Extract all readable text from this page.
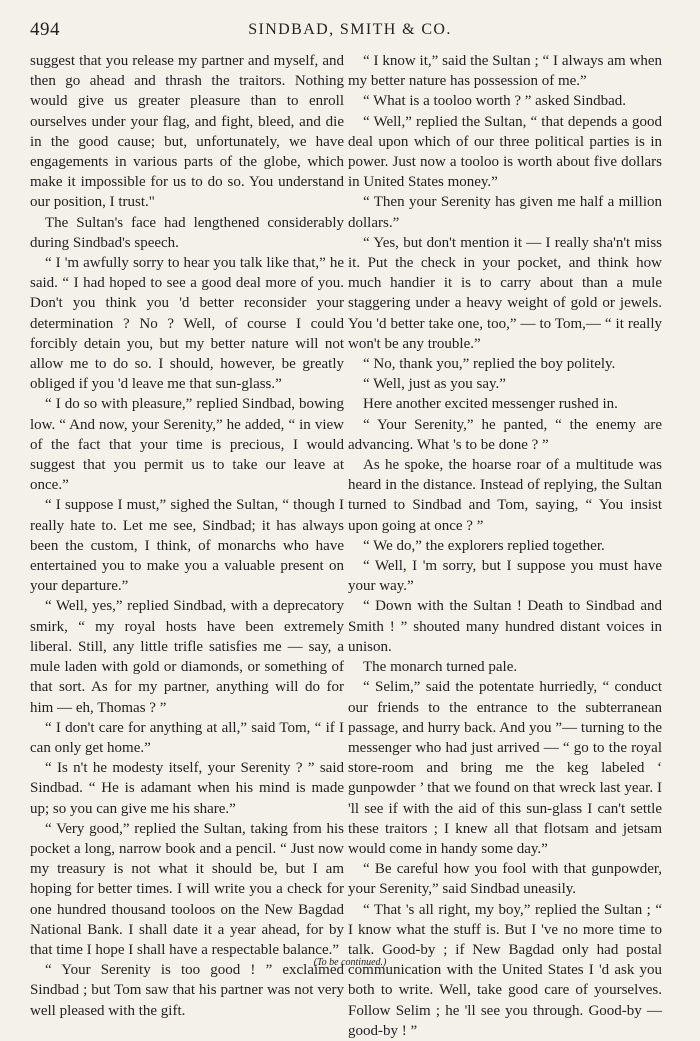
494	SINDBAD, SMITH & CO.

suggest that you release my partner and myself, and then go ahead and thrash the traitors. Nothing would give us greater pleasure than to enroll ourselves under your flag, and fight, bleed, and die in the good cause; but, unfortunately, we have engagements in various parts of the globe, which make it impossible for us to do so. You understand our position, I trust."

The Sultan's face had lengthened considerably during Sindbad's speech.

“ I 'm awfully sorry to hear you talk like that,” he said. “ I had hoped to see a good deal more of you. Don't you think you 'd better reconsider your determination ? No ? Well, of course I could forcibly detain you, but my better nature will not allow me to do so. I should, however, be greatly obliged if you 'd leave me that sun-glass.”

“ I do so with pleasure,” replied Sindbad, bowing low. “ And now, your Serenity,” he added, “ in view of the fact that your time is precious, I would suggest that you permit us to take our leave at once.”

“ I suppose I must,” sighed the Sultan, “ though I really hate to. Let me see, Sindbad; it has always been the custom, I think, of monarchs who have entertained you to make you a valuable present on your departure.”

“ Well, yes,” replied Sindbad, with a deprecatory smirk, “ my royal hosts have been extremely liberal. Still, any little trifle satisfies me — say, a mule laden with gold or diamonds, or something of that sort. As for my partner, anything will do for him — eh, Thomas ? ”

“ I don't care for anything at all,” said Tom, “ if I can only get home.”

“ Is n't he modesty itself, your Serenity ? ” said Sindbad. “ He is adamant when his mind is made up; so you can give me his share.”

“ Very good,” replied the Sultan, taking from his pocket a long, narrow book and a pencil. “ Just now my treasury is not what it should be, but I am hoping for better times. I will write you a check for one hundred thousand tooloos on the New Bagdad National Bank. I shall date it a year ahead, for by that time I hope I shall have a respectable balance.”

“ Your Serenity is too good ! ” exclaimed Sindbad ; but Tom saw that his partner was not very well pleased with the gift.

“ I know it,” said the Sultan ; “ I always am when my better nature has possession of me.”

“ What is a tooloo worth ? ” asked Sindbad.

“ Well,” replied the Sultan, “ that depends a good deal upon which of our three political parties is in power. Just now a tooloo is worth about five dollars in United States money.”

“ Then your Serenity has given me half a million dollars.”

“ Yes, but don't mention it — I really sha'n't miss it. Put the check in your pocket, and think how much handier it is to carry about than a mule staggering under a heavy weight of gold or jewels. You 'd better take one, too,” — to Tom,— “ it really won't be any trouble.”

“ No, thank you,” replied the boy politely.

“ Well, just as you say.”

Here another excited messenger rushed in.

“ Your Serenity,” he panted, “ the enemy are advancing. What 's to be done ? ”

As he spoke, the hoarse roar of a multitude was heard in the distance. Instead of replying, the Sultan turned to Sindbad and Tom, saying, “ You insist upon going at once ? ”

“ We do,” the explorers replied together.

“ Well, I 'm sorry, but I suppose you must have your way.”

“ Down with the Sultan ! Death to Sindbad and Smith ! ” shouted many hundred distant voices in unison.

The monarch turned pale.

“ Selim,” said the potentate hurriedly, “ conduct our friends to the entrance to the subterranean passage, and hurry back. And you ”— turning to the messenger who had just arrived — “ go to the royal store-room and bring me the keg labeled ‘ gunpowder ’ that we found on that wreck last year. I 'll see if with the aid of this sun-glass I can't settle these traitors ; I knew all that flotsam and jetsam would come in handy some day.”

“ Be careful how you fool with that gunpowder, your Serenity,” said Sindbad uneasily.

“ That 's all right, my boy,” replied the Sultan ; “ I know what the stuff is. But I 've no more time to talk. Good-by ; if New Bagdad only had postal communication with the United States I 'd ask you both to write. Well, take good care of yourselves. Follow Selim ; he 'll see you through. Good-by — good-by ! ”

(To be continued.)
